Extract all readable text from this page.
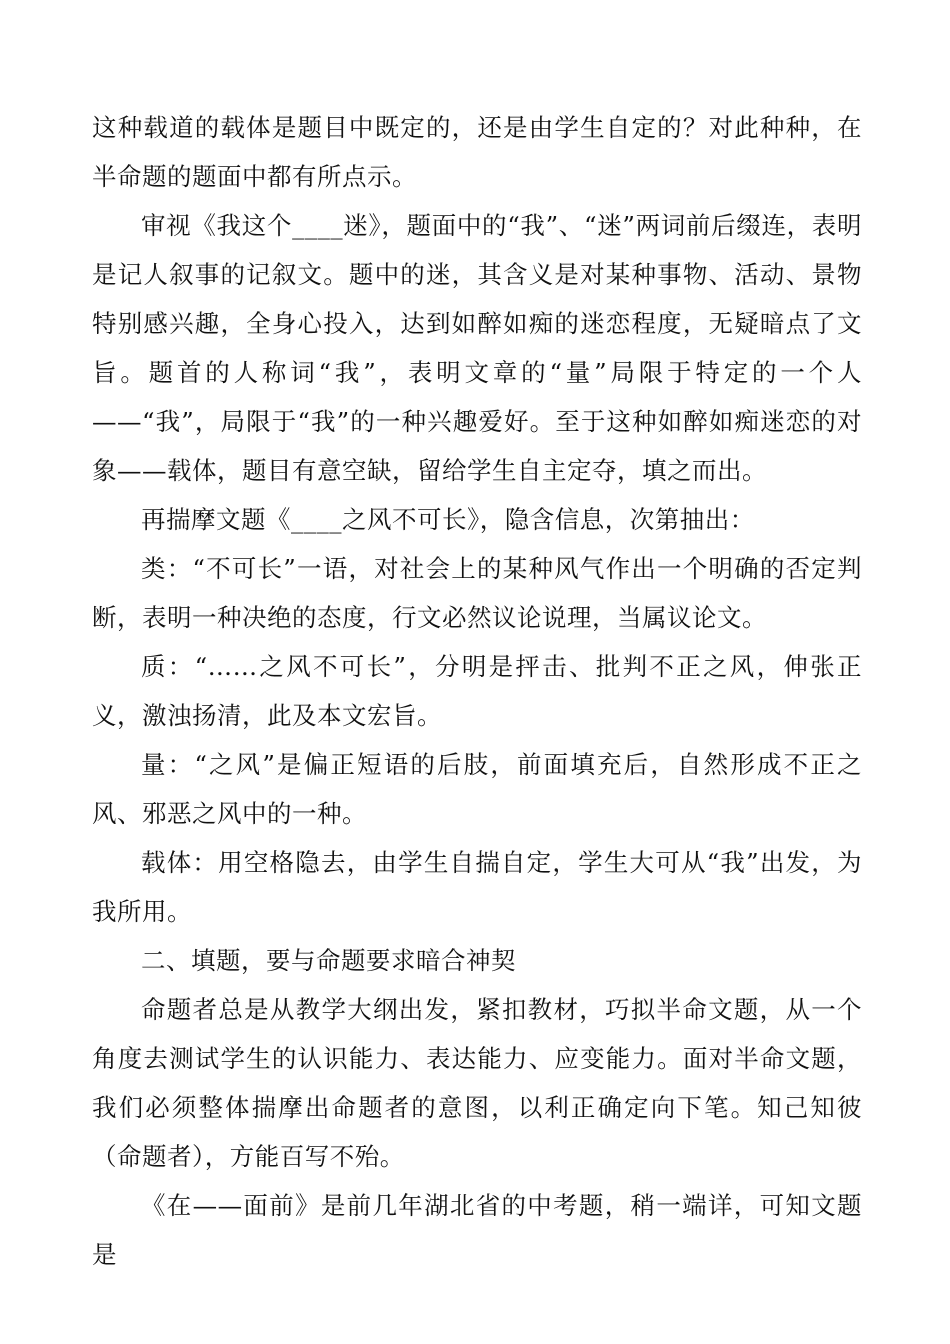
这种载道的载体是题目中既定的，还是由学生自定的？对此种种，在半命题的题面中都有所点示。

审视《我这个____迷》，题面中的“我”、“迷”两词前后缀连，表明是记人叙事的记叙文。题中的迷，其含义是对某种事物、活动、景物特别感兴趣，全身心投入，达到如醉如痴的迷恋程度，无疑暗点了文旨。题首的人称词“我”，表明文章的“量”局限于特定的一个人——“我”，局限于“我”的一种兴趣爱好。至于这种如醉如痴迷恋的对象——载体，题目有意空缺，留给学生自主定夺，填之而出。

再揣摩文题《____之风不可长》，隐含信息，次第抽出：

类：“不可长”一语，对社会上的某种风气作出一个明确的否定判断，表明一种决绝的态度，行文必然议论说理，当属议论文。

质：“……之风不可长”，分明是抨击、批判不正之风，伸张正义，激浊扬清，此及本文宏旨。

量：“之风”是偏正短语的后肢，前面填充后，自然形成不正之风、邪恶之风中的一种。

载体：用空格隐去，由学生自揣自定，学生大可从“我”出发，为我所用。

二、填题，要与命题要求暗合神契

命题者总是从教学大纲出发，紧扣教材，巧拟半命文题，从一个角度去测试学生的认识能力、表达能力、应变能力。面对半命文题，我们必须整体揣摩出命题者的意图，以利正确定向下笔。知己知彼（命题者），方能百写不殆。

《在——面前》是前几年湖北省的中考题，稍一端详，可知文题是
